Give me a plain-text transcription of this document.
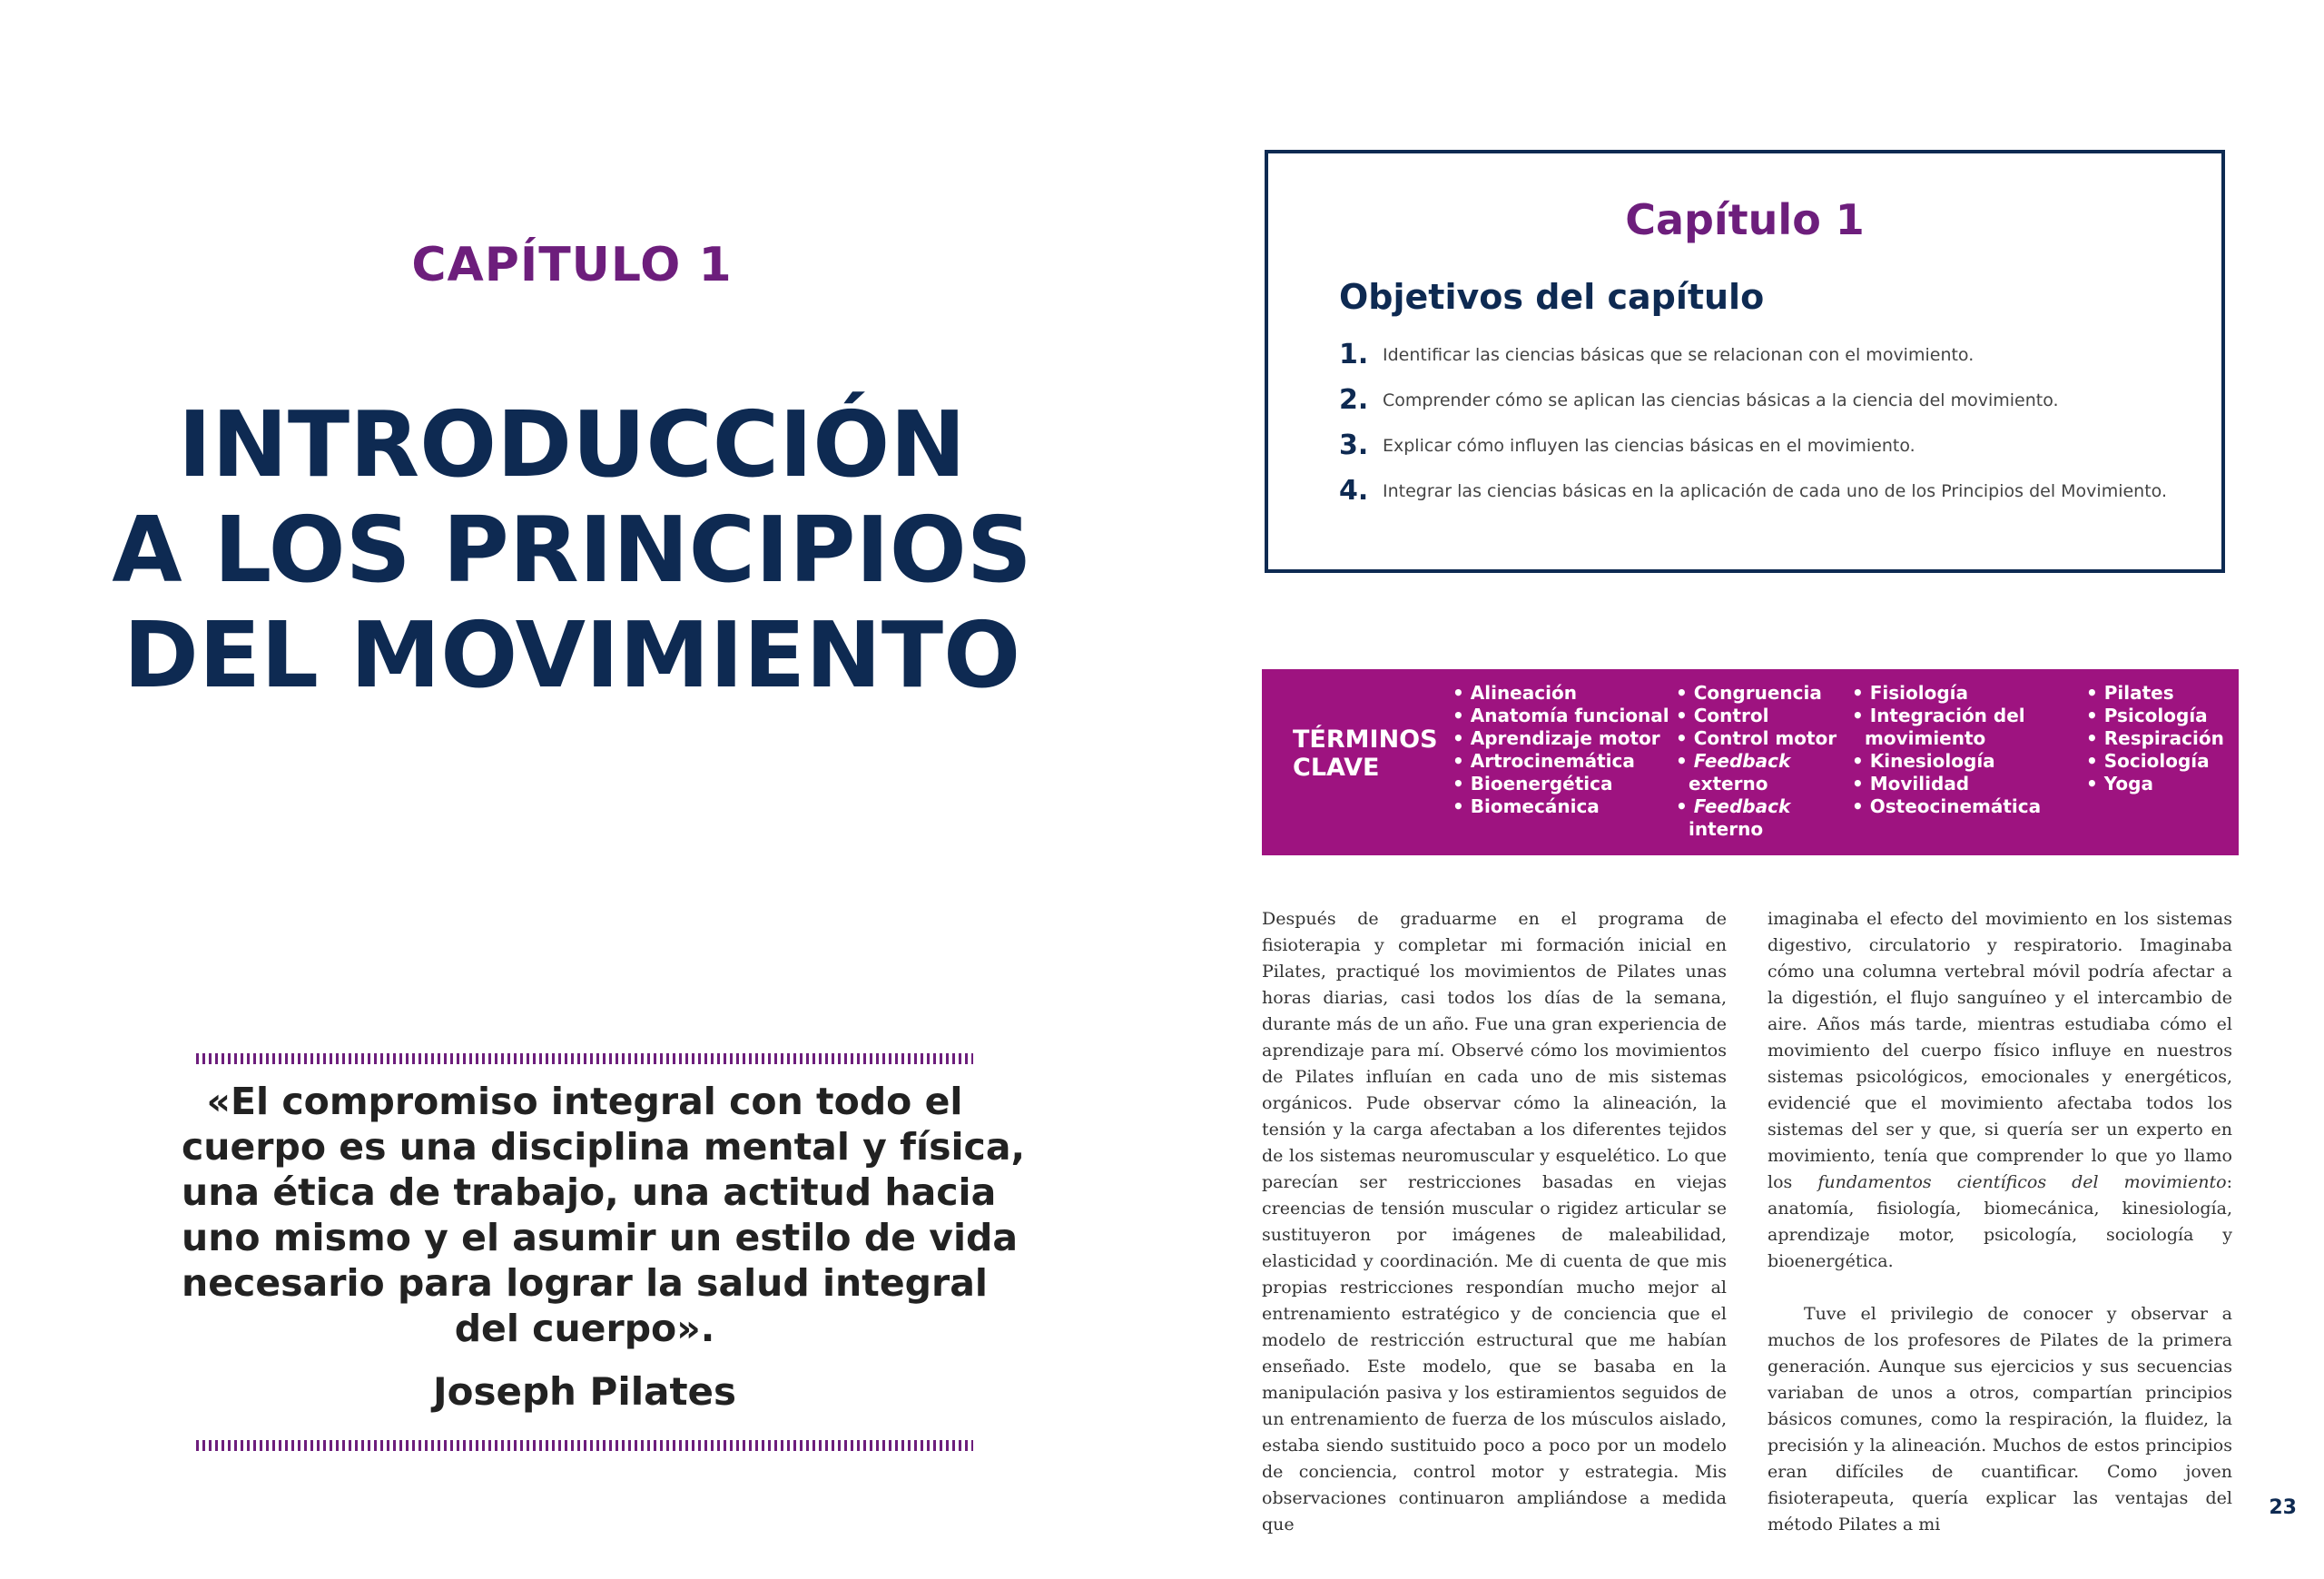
CAPÍTULO 1
INTRODUCCIÓN
A LOS PRINCIPIOS
DEL MOVIMIENTO
«El compromiso integral con todo el
cuerpo es una disciplina mental y física,
una ética de trabajo, una actitud hacia
uno mismo y el asumir un estilo de vida
necesario para lograr la salud integral
del cuerpo».
Joseph Pilates
Capítulo 1
Objetivos del capítulo
1. Identificar las ciencias básicas que se relacionan con el movimiento.
2. Comprender cómo se aplican las ciencias básicas a la ciencia del movimiento.
3. Explicar cómo influyen las ciencias básicas en el movimiento.
4. Integrar las ciencias básicas en la aplicación de cada uno de los Principios del Movimiento.
TÉRMINOS
CLAVE
• Alineación
• Anatomía funcional
• Aprendizaje motor
• Artrocinemática
• Bioenergética
• Biomecánica
• Congruencia
• Control
• Control motor
• Feedback
externo
• Feedback
interno
• Fisiología
• Integración del
movimiento
• Kinesiología
• Movilidad
• Osteocinemática
• Pilates
• Psicología
• Respiración
• Sociología
• Yoga

Después de graduarme en el programa de fisioterapia y completar mi formación inicial en Pilates, practiqué los movimientos de Pilates unas horas diarias, casi todos los días de la semana, durante más de un año. Fue una gran experiencia de aprendizaje para mí. Observé cómo los movimientos de Pilates influían en cada uno de mis sistemas orgánicos. Pude observar cómo la alineación, la tensión y la carga afectaban a los diferentes tejidos de los sistemas neuromuscular y esquelético. Lo que parecían ser restricciones basadas en viejas creencias de tensión muscular o rigidez articular se sustituyeron por imágenes de maleabilidad, elasticidad y coordinación. Me di cuenta de que mis propias restricciones respondían mucho mejor al entrenamiento estratégico y de conciencia que el modelo de restricción estructural que me habían enseñado. Este modelo, que se basaba en la manipulación pasiva y los estiramientos seguidos de un entrenamiento de fuerza de los músculos aislado, estaba siendo sustituido poco a poco por un modelo de conciencia, control motor y estrategia. Mis observaciones continuaron ampliándose a medida que

imaginaba el efecto del movimiento en los sistemas digestivo, circulatorio y respiratorio. Imaginaba cómo una columna vertebral móvil podría afectar a la digestión, el flujo sanguíneo y el intercambio de aire. Años más tarde, mientras estudiaba cómo el movimiento del cuerpo físico influye en nuestros sistemas psicológicos, emocionales y energéticos, evidencié que el movimiento afectaba todos los sistemas del ser y que, si quería ser un experto en movimiento, tenía que comprender lo que yo llamo los fundamentos científicos del movimiento: anatomía, fisiología, biomecánica, kinesiología, aprendizaje motor, psicología, sociología y bioenergética.

Tuve el privilegio de conocer y observar a muchos de los profesores de Pilates de la primera generación. Aunque sus ejercicios y sus secuencias variaban de unos a otros, compartían principios básicos comunes, como la respiración, la fluidez, la precisión y la alineación. Muchos de estos principios eran difíciles de cuantificar. Como joven fisioterapeuta, quería explicar las ventajas del método Pilates a mi

23
